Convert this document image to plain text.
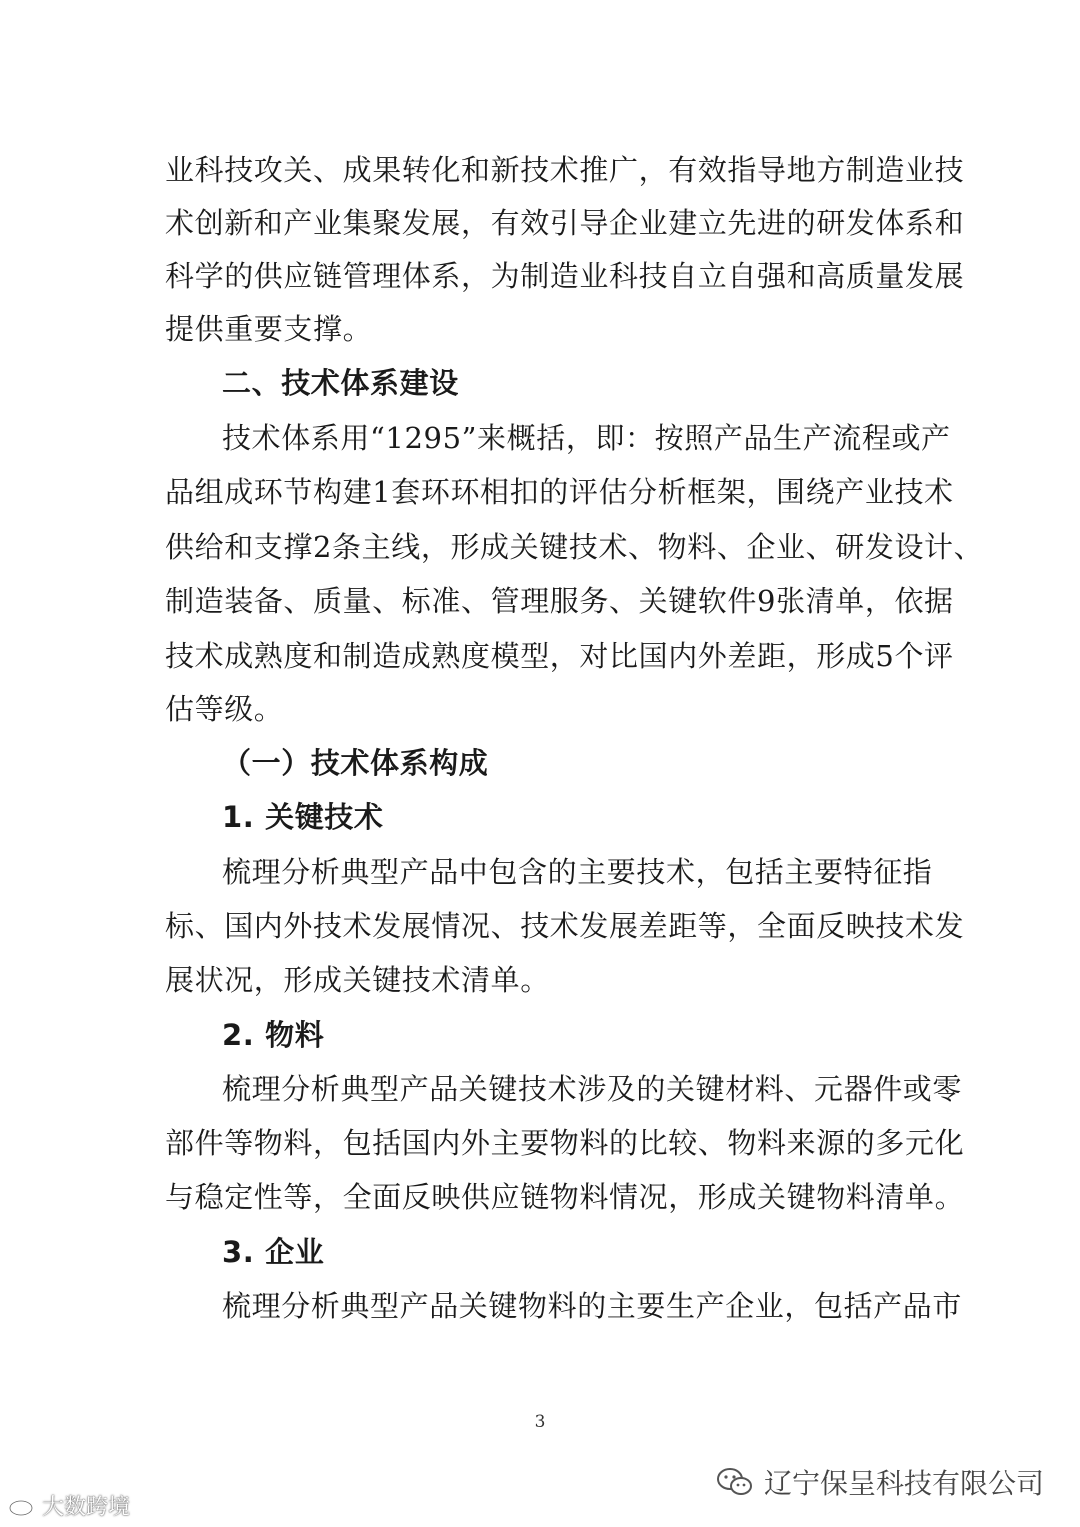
业科技攻关、成果转化和新技术推广，有效指导地方制造业技
术创新和产业集聚发展，有效引导企业建立先进的研发体系和
科学的供应链管理体系，为制造业科技自立自强和高质量发展
提供重要支撑。
二、技术体系建设
技术体系用“1295”来概括，即：按照产品生产流程或产
品组成环节构建1套环环相扣的评估分析框架，围绕产业技术
供给和支撑2条主线，形成关键技术、物料、企业、研发设计、
制造装备、质量、标准、管理服务、关键软件9张清单，依据
技术成熟度和制造成熟度模型，对比国内外差距，形成5个评
估等级。
（一）技术体系构成
1. 关键技术
梳理分析典型产品中包含的主要技术，包括主要特征指
标、国内外技术发展情况、技术发展差距等，全面反映技术发
展状况，形成关键技术清单。
2. 物料
梳理分析典型产品关键技术涉及的关键材料、元器件或零
部件等物料，包括国内外主要物料的比较、物料来源的多元化
与稳定性等，全面反映供应链物料情况，形成关键物料清单。
3. 企业
梳理分析典型产品关键物料的主要生产企业，包括产品市
3
大数跨境
辽宁保呈科技有限公司
